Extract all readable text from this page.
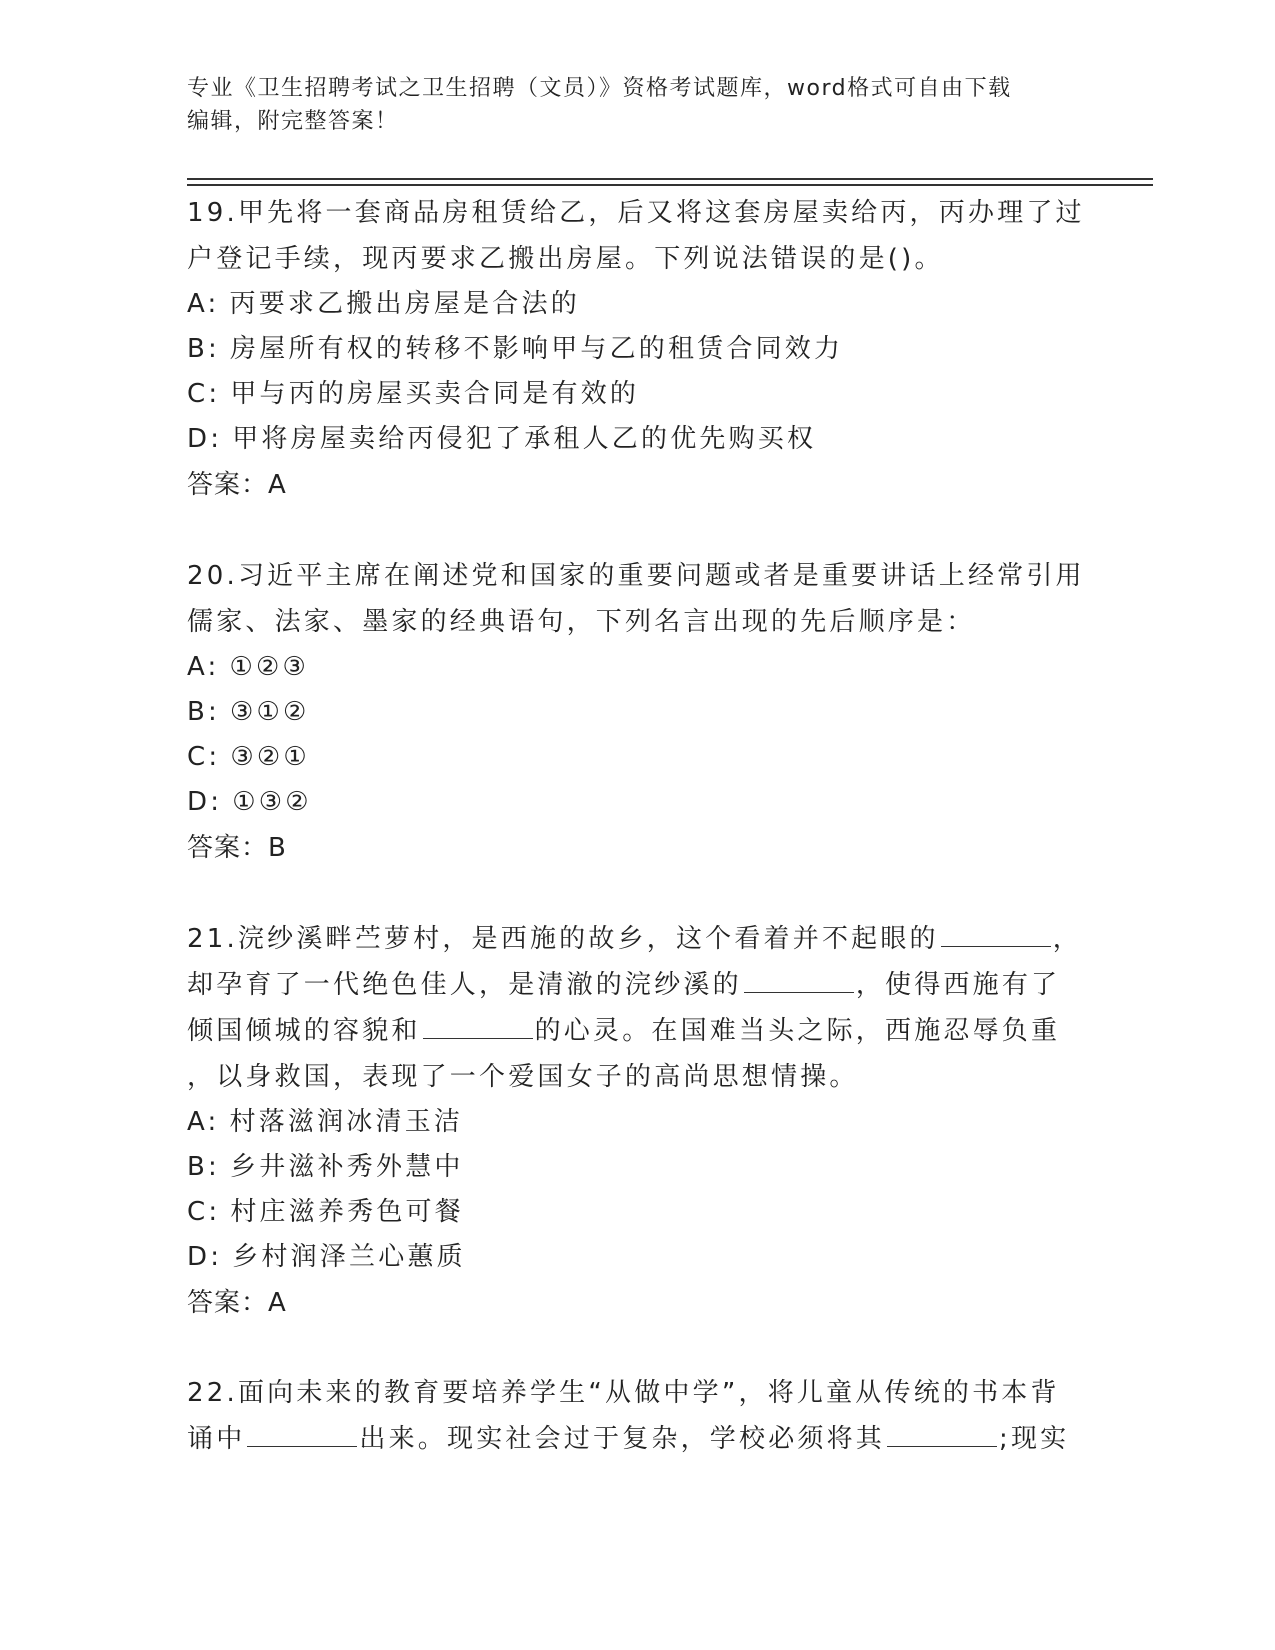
专业《卫生招聘考试之卫生招聘（文员）》资格考试题库，word格式可自由下载
编辑，附完整答案！

19.甲先将一套商品房租赁给乙，后又将这套房屋卖给丙，丙办理了过

户登记手续，现丙要求乙搬出房屋。下列说法错误的是()。

A: 丙要求乙搬出房屋是合法的

B: 房屋所有权的转移不影响甲与乙的租赁合同效力

C: 甲与丙的房屋买卖合同是有效的

D: 甲将房屋卖给丙侵犯了承租人乙的优先购买权

答案：A

20.习近平主席在阐述党和国家的重要问题或者是重要讲话上经常引用

儒家、法家、墨家的经典语句，下列名言出现的先后顺序是：

A: ①②③

B: ③①②

C: ③②①

D: ①③②

答案：B

21.浣纱溪畔苎萝村，是西施的故乡，这个看着并不起眼的	，

却孕育了一代绝色佳人，是清澈的浣纱溪的	，使得西施有了

倾国倾城的容貌和	的心灵。在国难当头之际，西施忍辱负重

，以身救国，表现了一个爱国女子的高尚思想情操。

A: 村落滋润冰清玉洁

B: 乡井滋补秀外慧中

C: 村庄滋养秀色可餐

D: 乡村润泽兰心蕙质

答案：A

22.面向未来的教育要培养学生“从做中学”，将儿童从传统的书本背

诵中	出来。现实社会过于复杂，学校必须将其	;现实
